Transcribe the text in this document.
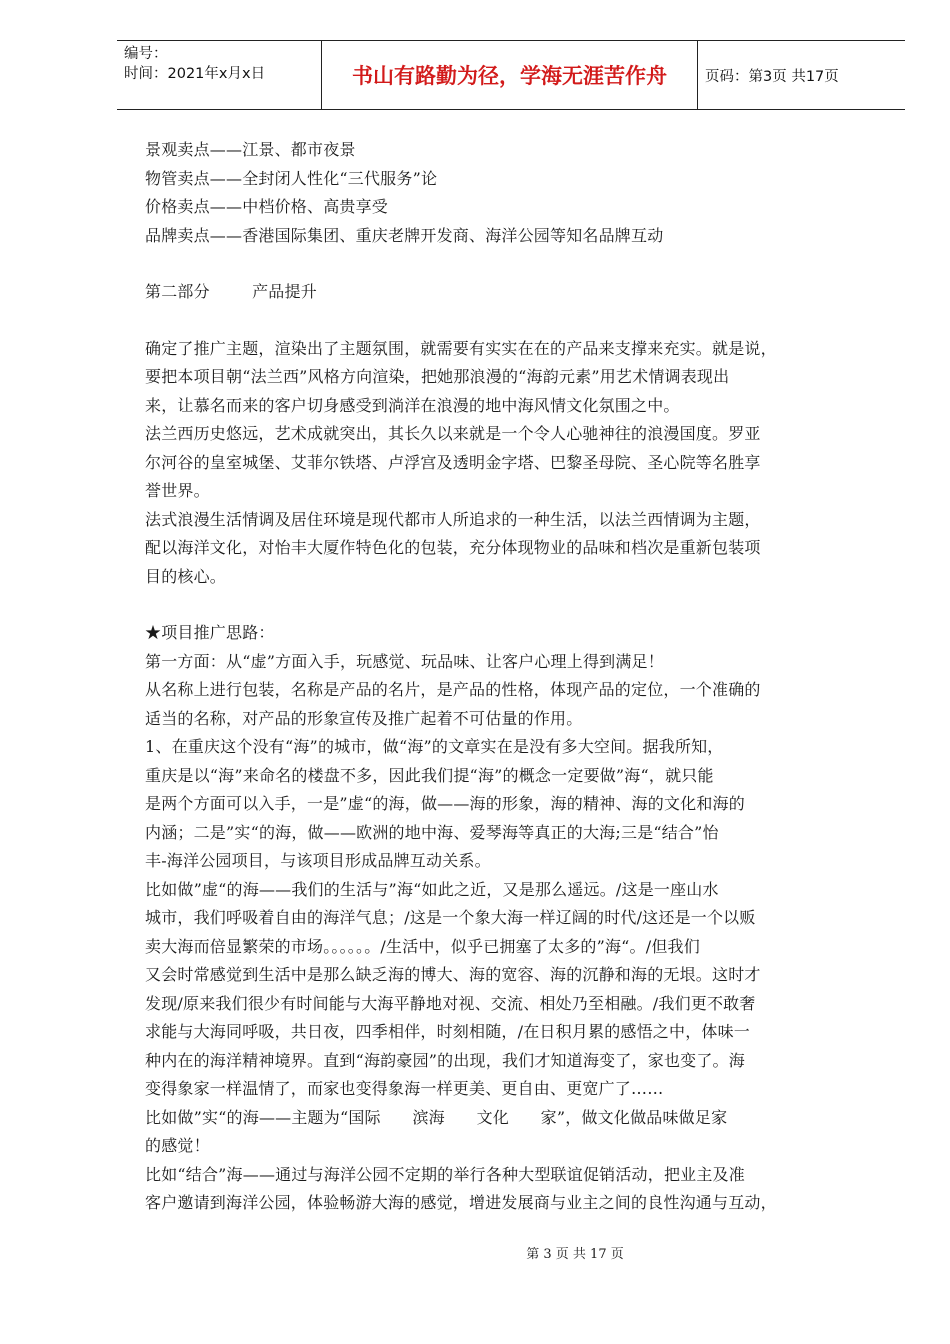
编号：
时间：2021年x月x日	书山有路勤为径，学海无涯苦作舟	页码：第3页 共17页
景观卖点——江景、都市夜景
物管卖点——全封闭人性化“三代服务”论
价格卖点——中档价格、高贵享受
品牌卖点——香港国际集团、重庆老牌开发商、海洋公园等知名品牌互动
第二部分        产品提升
确定了推广主题，渲染出了主题氛围，就需要有实实在在的产品来支撑来充实。就是说，
要把本项目朝“法兰西”风格方向渲染，把她那浪漫的“海韵元素”用艺术情调表现出
来，让慕名而来的客户切身感受到淌洋在浪漫的地中海风情文化氛围之中。
法兰西历史悠远，艺术成就突出，其长久以来就是一个令人心驰神往的浪漫国度。罗亚
尔河谷的皇室城堡、艾菲尔铁塔、卢浮宫及透明金字塔、巴黎圣母院、圣心院等名胜享
誉世界。
法式浪漫生活情调及居住环境是现代都市人所追求的一种生活，以法兰西情调为主题，
配以海洋文化，对怡丰大厦作特色化的包装，充分体现物业的品味和档次是重新包装项
目的核心。
★项目推广思路：
第一方面：从“虚”方面入手，玩感觉、玩品味、让客户心理上得到满足！
从名称上进行包装，名称是产品的名片，是产品的性格，体现产品的定位，一个准确的
适当的名称，对产品的形象宣传及推广起着不可估量的作用。
1、在重庆这个没有“海”的城市，做“海”的文章实在是没有多大空间。据我所知，
重庆是以“海”来命名的楼盘不多，因此我们提“海”的概念一定要做”海“，就只能
是两个方面可以入手，一是”虚“的海，做——海的形象，海的精神、海的文化和海的
内涵；二是”实“的海，做——欧洲的地中海、爱琴海等真正的大海;三是“结合”怡
丰-海洋公园项目，与该项目形成品牌互动关系。
比如做”虚“的海——我们的生活与”海“如此之近，又是那么遥远。/这是一座山水
城市，我们呼吸着自由的海洋气息；/这是一个象大海一样辽阔的时代/这还是一个以贩
卖大海而倍显繁荣的市场。。。。。。/生活中，似乎已拥塞了太多的”海“。/但我们
又会时常感觉到生活中是那么缺乏海的博大、海的宽容、海的沉静和海的无垠。这时才
发现/原来我们很少有时间能与大海平静地对视、交流、相处乃至相融。/我们更不敢奢
求能与大海同呼吸，共日夜，四季相伴，时刻相随，/在日积月累的感悟之中，体味一
种内在的海洋精神境界。直到“海韵豪园”的出现，我们才知道海变了，家也变了。海
变得象家一样温情了，而家也变得象海一样更美、更自由、更宽广了……
比如做”实“的海——主题为“国际      滨海      文化      家”，做文化做品味做足家
的感觉！
比如“结合”海——通过与海洋公园不定期的举行各种大型联谊促销活动，把业主及准
客户邀请到海洋公园，体验畅游大海的感觉，增进发展商与业主之间的良性沟通与互动，
第 3 页 共 17 页
